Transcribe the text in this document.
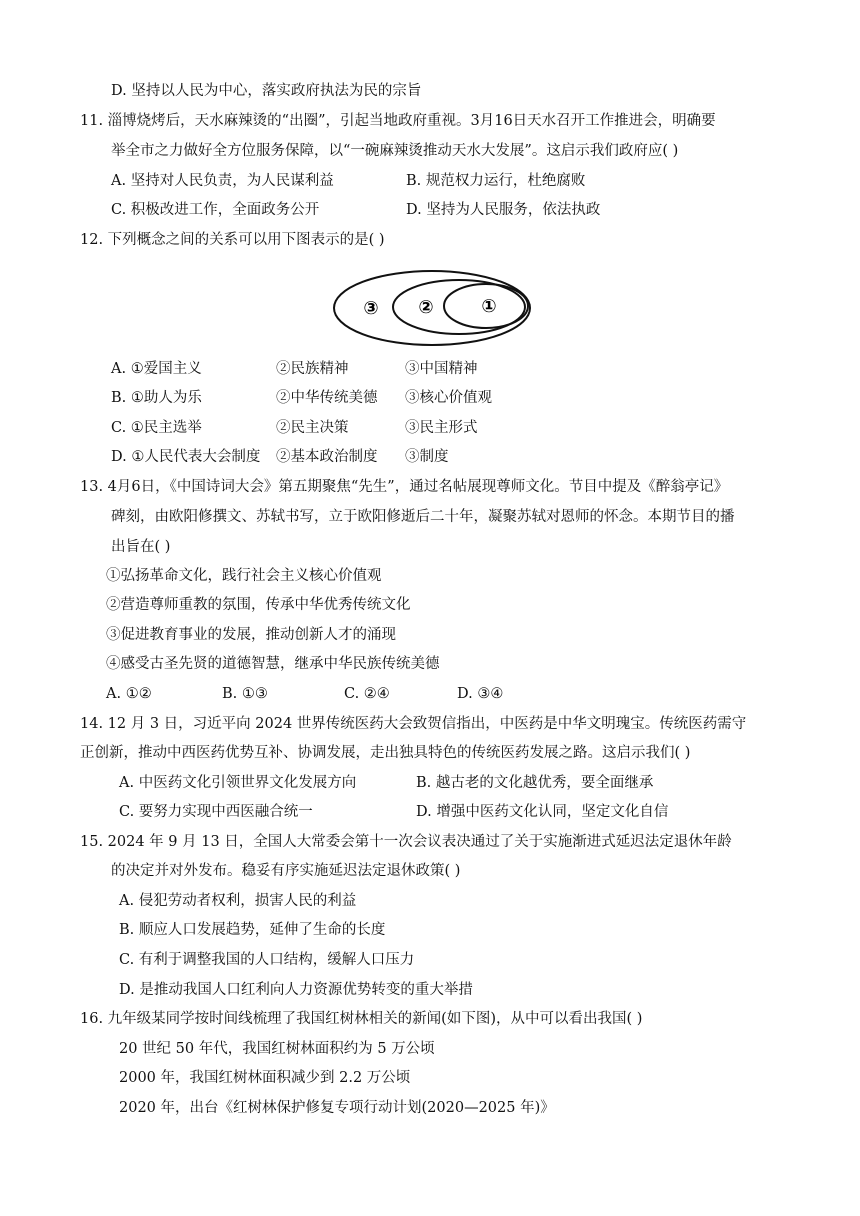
D. 坚持以人民为中心，落实政府执法为民的宗旨
11. 淄博烧烤后，天水麻辣烫的“出圈”，引起当地政府重视。3月16日天水召开工作推进会，明确要
举全市之力做好全方位服务保障，以“一碗麻辣烫推动天水大发展”。这启示我们政府应( )
A. 坚持对人民负责，为人民谋利益	B. 规范权力运行，杜绝腐败
C. 积极改进工作，全面政务公开	D. 坚持为人民服务，依法执政
12. 下列概念之间的关系可以用下图表示的是( )
③ ②	①
A. ①爱国主义	②民族精神	③中国精神
B. ①助人为乐	②中华传统美德 ③核心价值观
C. ①民主选举	②民主决策	③民主形式
D. ①人民代表大会制度 ②基本政治制度 ③制度
13. 4月6日，《中国诗词大会》第五期聚焦“先生”，通过名帖展现尊师文化。节目中提及《醉翁亭记》
碑刻，由欧阳修撰文、苏轼书写，立于欧阳修逝后二十年，凝聚苏轼对恩师的怀念。本期节目的播
出旨在( )
①弘扬革命文化，践行社会主义核心价值观
②营造尊师重教的氛围，传承中华优秀传统文化
③促进教育事业的发展，推动创新人才的涌现
④感受古圣先贤的道德智慧，继承中华民族传统美德
A. ①②	B. ①③	C. ②④	D. ③④
14. 12 月 3 日，习近平向 2024 世界传统医药大会致贺信指出，中医药是中华文明瑰宝。传统医药需守
正创新，推动中西医药优势互补、协调发展，走出独具特色的传统医药发展之路。这启示我们( )
A. 中医药文化引领世界文化发展方向	B. 越古老的文化越优秀，要全面继承
C. 要努力实现中西医融合统一	D. 增强中医药文化认同，坚定文化自信
15. 2024 年 9 月 13 日，全国人大常委会第十一次会议表决通过了关于实施渐进式延迟法定退休年龄
的决定并对外发布。稳妥有序实施延迟法定退休政策( )
A. 侵犯劳动者权利，损害人民的利益
B. 顺应人口发展趋势，延伸了生命的长度
C. 有利于调整我国的人口结构，缓解人口压力
D. 是推动我国人口红利向人力资源优势转变的重大举措
16. 九年级某同学按时间线梳理了我国红树林相关的新闻(如下图)，从中可以看出我国( )
20 世纪 50 年代，我国红树林面积约为 5 万公顷
2000 年，我国红树林面积减少到 2.2 万公顷
2020 年，出台《红树林保护修复专项行动计划(2020—2025 年)》
